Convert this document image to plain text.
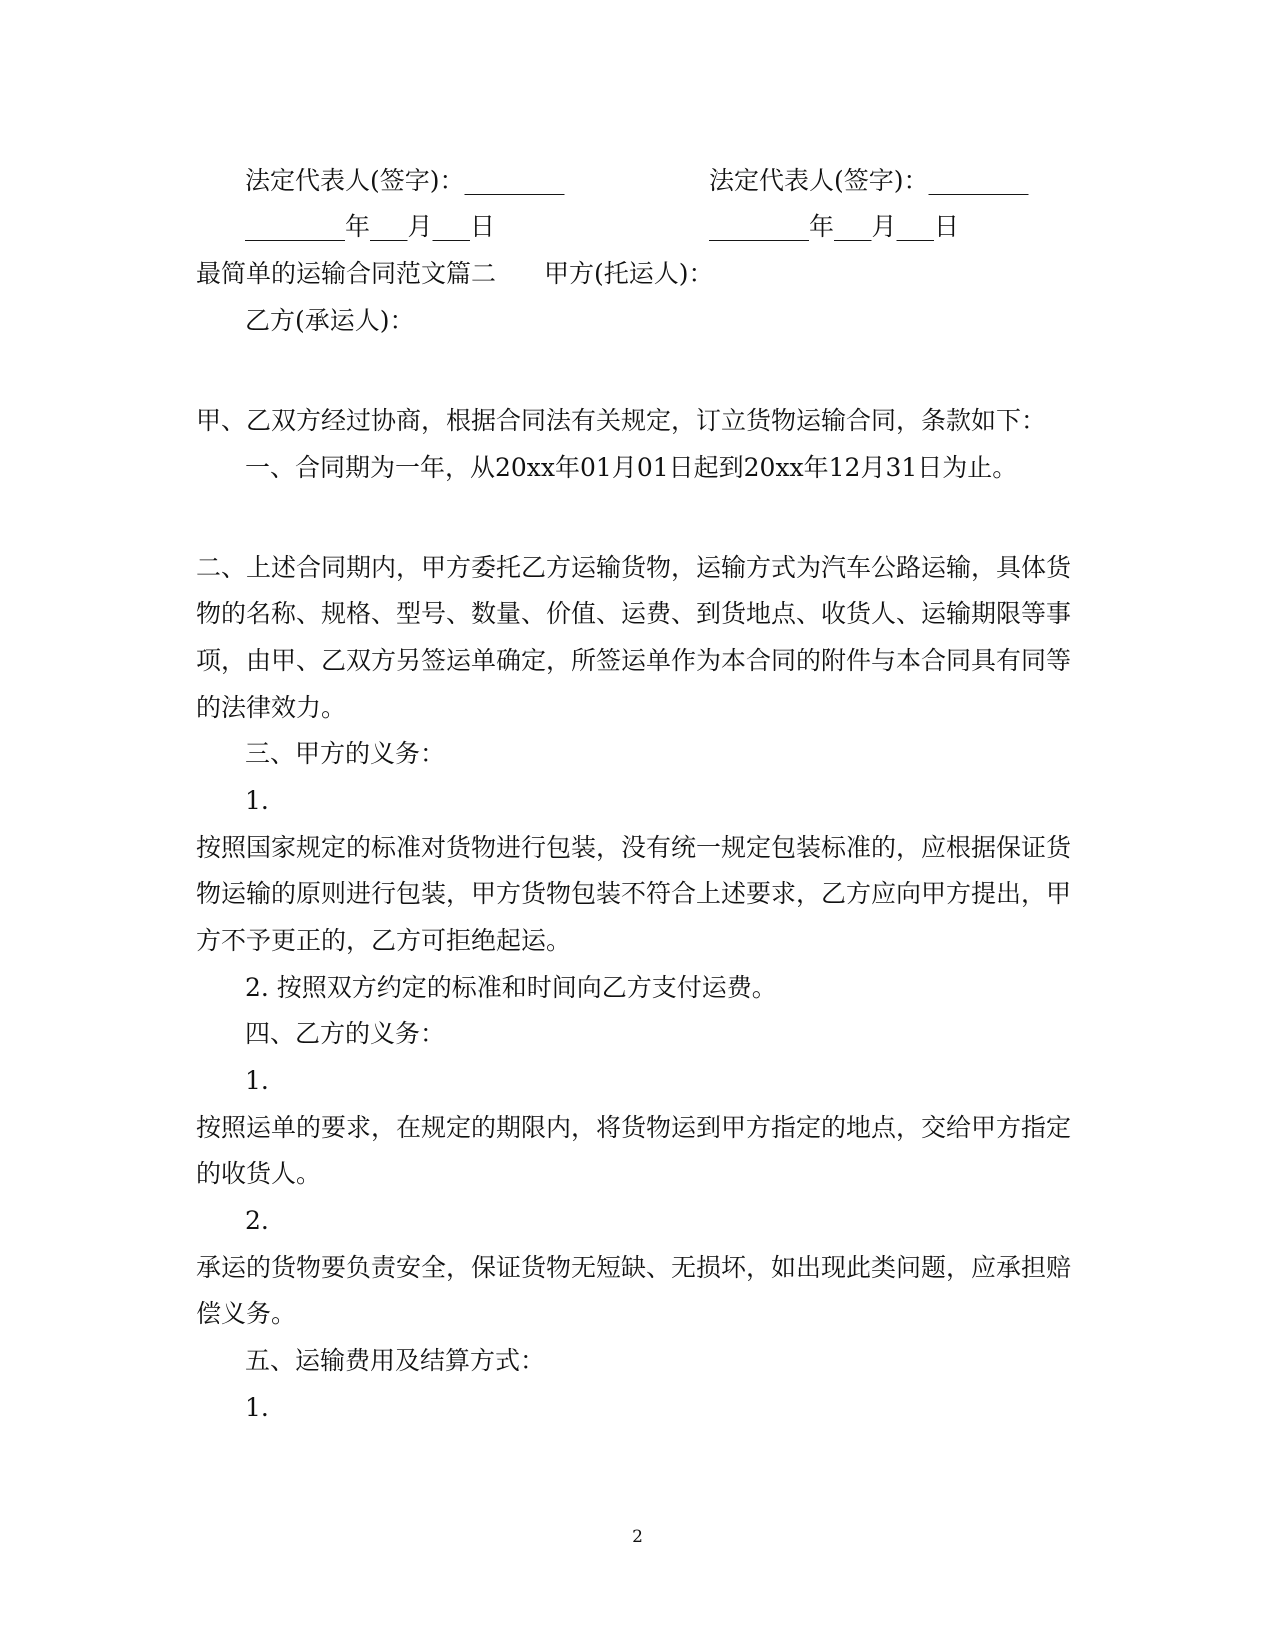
法定代表人(签字)：________	法定代表人(签字)：________
________年___月___日	________年___月___日
最简单的运输合同范文篇二 甲方(托运人)：
乙方(承运人)：
甲、乙双方经过协商，根据合同法有关规定，订立货物运输合同，条款如下：
一、合同期为一年，从20xx年01月01日起到20xx年12月31日为止。
二、上述合同期内，甲方委托乙方运输货物，运输方式为汽车公路运输，具体货
物的名称、规格、型号、数量、价值、运费、到货地点、收货人、运输期限等事
项，由甲、乙双方另签运单确定，所签运单作为本合同的附件与本合同具有同等
的法律效力。
三、甲方的义务：
1.
按照国家规定的标准对货物进行包装，没有统一规定包装标准的，应根据保证货
物运输的原则进行包装，甲方货物包装不符合上述要求，乙方应向甲方提出，甲
方不予更正的，乙方可拒绝起运。
2. 按照双方约定的标准和时间向乙方支付运费。
四、乙方的义务：
1.
按照运单的要求，在规定的期限内，将货物运到甲方指定的地点，交给甲方指定
的收货人。
2.
承运的货物要负责安全，保证货物无短缺、无损坏，如出现此类问题，应承担赔
偿义务。
五、运输费用及结算方式：
1.
2
